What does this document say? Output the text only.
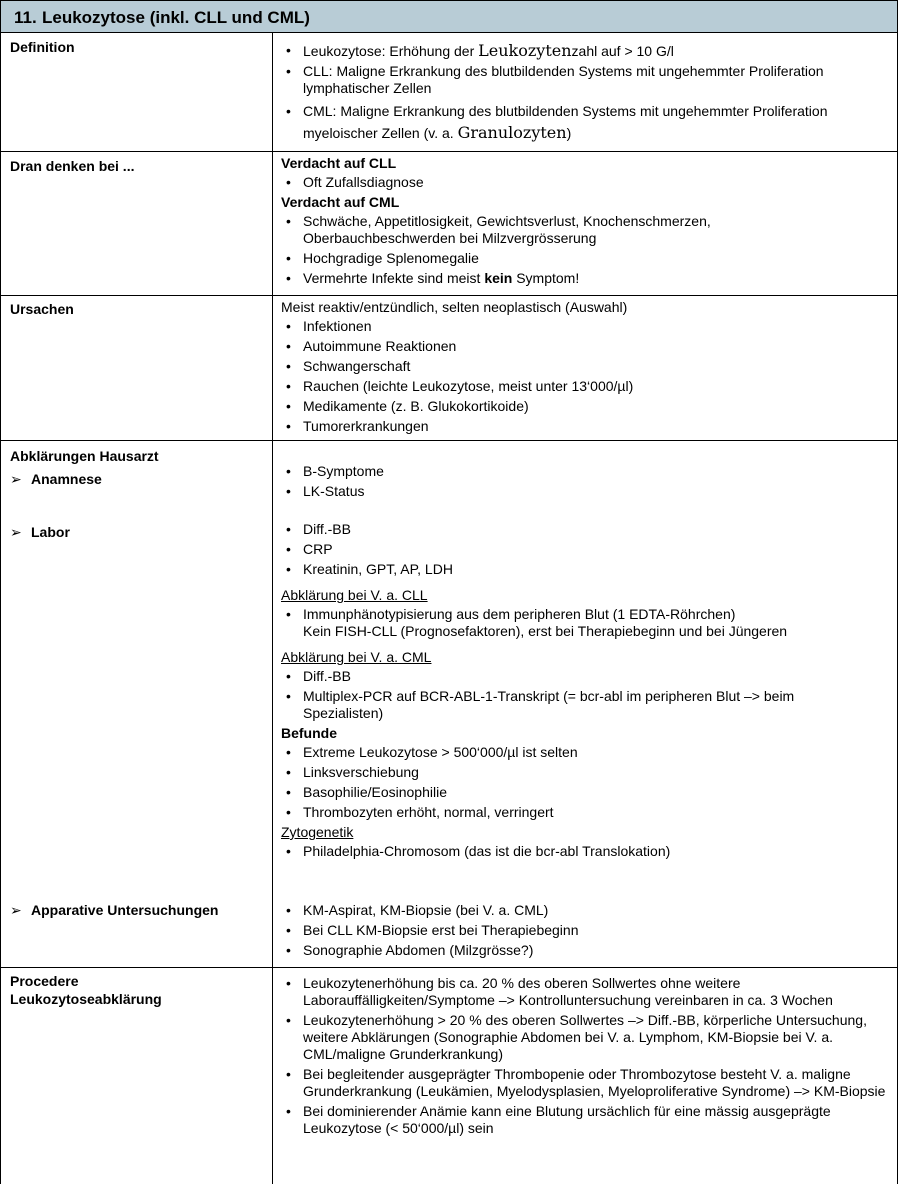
11. Leukozytose (inkl. CLL und CML)
Definition
•	Leukozytose: Erhöhung der Leukozytenzahl auf > 10 G/l
• CLL: Maligne Erkrankung des blutbildenden Systems mit ungehemmter Proliferation lymphatischer Zellen
• CML: Maligne Erkrankung des blutbildenden Systems mit ungehemmter Proliferation myeloischer Zellen (v. a. Granulozyten)
Dran denken bei ...	Verdacht auf CLL
• Oft Zufallsdiagnose
Verdacht auf CML
• Schwäche, Appetitlosigkeit, Gewichtsverlust, Knochenschmerzen, Oberbauchbeschwerden bei Milzvergrösserung
• Hochgradige Splenomegalie
• Vermehrte Infekte sind meist kein Symptom!
Ursachen	Meist reaktiv/entzündlich, selten neoplastisch (Auswahl)
• Infektionen
• Autoimmune Reaktionen
• Schwangerschaft
• Rauchen (leichte Leukozytose, meist unter 13‘000/µl)
• Medikamente (z. B. Glukokortikoide)
• Tumorerkrankungen
Abklärungen Hausarzt
➢ Anamnese
➢ Labor
➢ Apparative Untersuchungen
• B-Symptome
• LK-Status
• Diff.-BB
• CRP
• Kreatinin, GPT, AP, LDH
Abklärung bei V. a. CLL
• Immunphänotypisierung aus dem peripheren Blut (1 EDTA-Röhrchen)
Kein FISH-CLL (Prognosefaktoren), erst bei Therapiebeginn und bei Jüngeren
Abklärung bei V. a. CML
• Diff.-BB
• Multiplex-PCR auf BCR-ABL-1-Transkript (= bcr-abl im peripheren Blut –> beim Spezialisten)
Befunde
• Extreme Leukozytose > 500‘000/µl ist selten
• Linksverschiebung
• Basophilie/Eosinophilie
• Thrombozyten erhöht, normal, verringert
Zytogenetik
• Philadelphia-Chromosom (das ist die bcr-abl Translokation)
• KM-Aspirat, KM-Biopsie (bei V. a. CML)
• Bei CLL KM-Biopsie erst bei Therapiebeginn
• Sonographie Abdomen (Milzgrösse?)
Procedere
Leukozytoseabklärung
• Leukozytenerhöhung bis ca. 20 % des oberen Sollwertes ohne weitere Laborauffälligkeiten/Symptome –> Kontrolluntersuchung vereinbaren in ca. 3 Wochen
• Leukozytenerhöhung > 20 % des oberen Sollwertes –> Diff.-BB, körperliche Untersuchung, weitere Abklärungen (Sonographie Abdomen bei V. a. Lymphom, KM-Biopsie bei V. a. CML/maligne Grunderkrankung)
• Bei begleitender ausgeprägter Thrombopenie oder Thrombozytose besteht V. a. maligne Grunderkrankung (Leukämien, Myelodysplasien, Myeloproliferative Syndrome) –> KM-Biopsie
• Bei dominierender Anämie kann eine Blutung ursächlich für eine mässig ausgeprägte Leukozytose (< 50‘000/µl) sein
